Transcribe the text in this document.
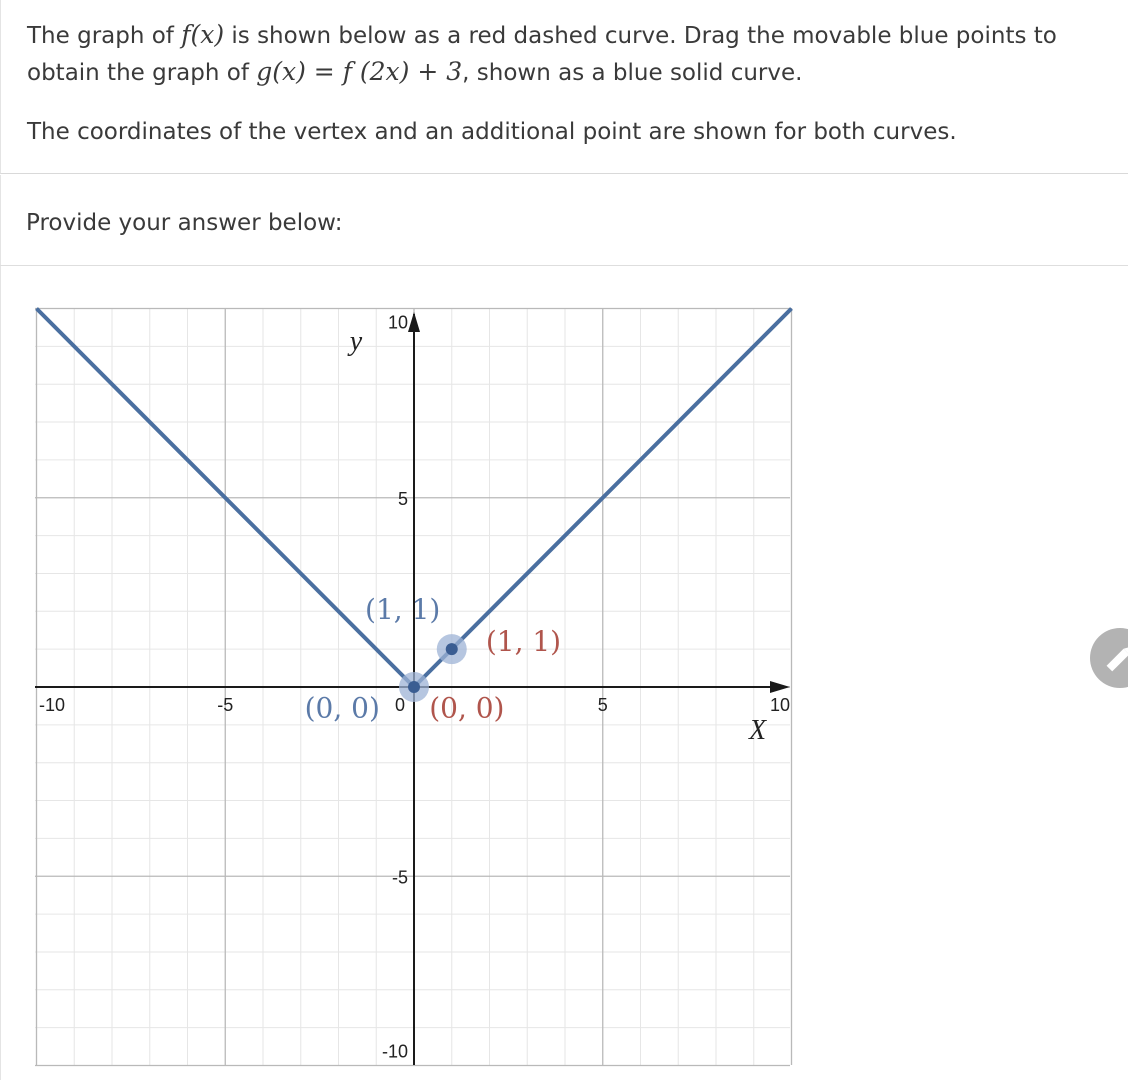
The graph of f(x) is shown below as a red dashed curve. Drag the movable blue points to
obtain the graph of g(x) = f (2x) + 3, shown as a blue solid curve.
The coordinates of the vertex and an additional point are shown for both curves.
Provide your answer below:
-10	-5	0	5	10
10
5
-5
-10
X
y
(1, 1)
(1, 1)
(0, 0) (0, 0)
